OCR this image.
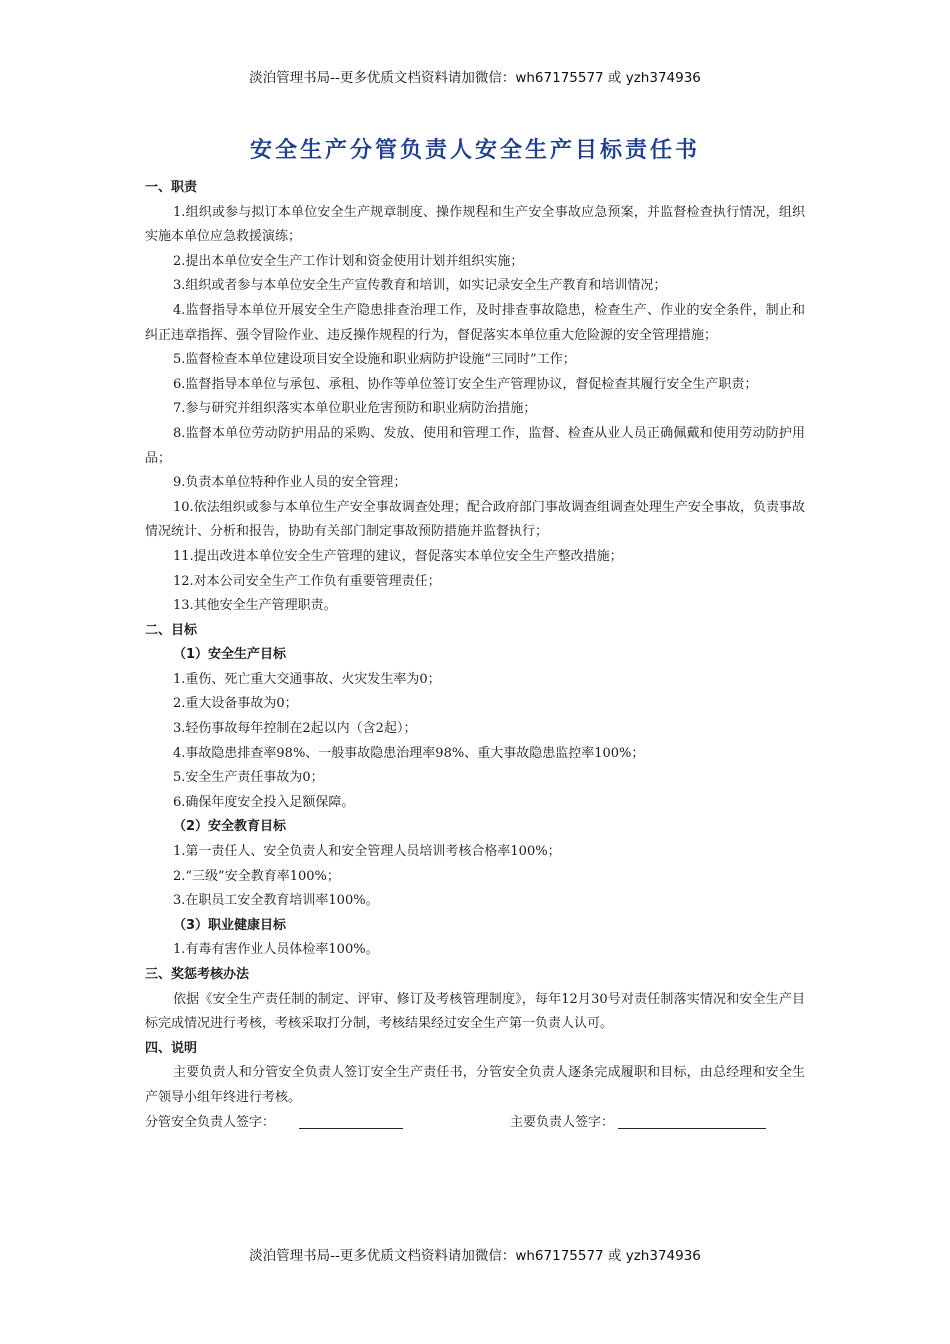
淡泊管理书局--更多优质文档资料请加微信：wh67175577 或 yzh374936
安全生产分管负责人安全生产目标责任书
一、职责
1.组织或参与拟订本单位安全生产规章制度、操作规程和生产安全事故应急预案，并监督检查执行情况，组织实施本单位应急救援演练；
2.提出本单位安全生产工作计划和资金使用计划并组织实施；
3.组织或者参与本单位安全生产宣传教育和培训，如实记录安全生产教育和培训情况；
4.监督指导本单位开展安全生产隐患排查治理工作，及时排查事故隐患，检查生产、作业的安全条件，制止和纠正违章指挥、强令冒险作业、违反操作规程的行为，督促落实本单位重大危险源的安全管理措施；
5.监督检查本单位建设项目安全设施和职业病防护设施“三同时”工作；
6.监督指导本单位与承包、承租、协作等单位签订安全生产管理协议，督促检查其履行安全生产职责；
7.参与研究并组织落实本单位职业危害预防和职业病防治措施；
8.监督本单位劳动防护用品的采购、发放、使用和管理工作，监督、检查从业人员正确佩戴和使用劳动防护用品；
9.负责本单位特种作业人员的安全管理；
10.依法组织或参与本单位生产安全事故调查处理；配合政府部门事故调查组调查处理生产安全事故，负责事故情况统计、分析和报告，协助有关部门制定事故预防措施并监督执行；
11.提出改进本单位安全生产管理的建议，督促落实本单位安全生产整改措施；
12.对本公司安全生产工作负有重要管理责任；
13.其他安全生产管理职责。
二、目标
（1）安全生产目标
1.重伤、死亡重大交通事故、火灾发生率为0；
2.重大设备事故为0；
3.轻伤事故每年控制在2起以内（含2起）；
4.事故隐患排查率98%、一般事故隐患治理率98%、重大事故隐患监控率100%；
5.安全生产责任事故为0；
6.确保年度安全投入足额保障。
（2）安全教育目标
1.第一责任人、安全负责人和安全管理人员培训考核合格率100%；
2.“三级”安全教育率100%；
3.在职员工安全教育培训率100%。
（3）职业健康目标
1.有毒有害作业人员体检率100%。
三、奖惩考核办法
依据《安全生产责任制的制定、评审、修订及考核管理制度》，每年12月30号对责任制落实情况和安全生产目标完成情况进行考核，考核采取打分制，考核结果经过安全生产第一负责人认可。
四、说明
主要负责人和分管安全负责人签订安全生产责任书，分管安全负责人逐条完成履职和目标，由总经理和安全生产领导小组年终进行考核。
分管安全负责人签字：	主要负责人签字：
淡泊管理书局--更多优质文档资料请加微信：wh67175577 或 yzh374936
